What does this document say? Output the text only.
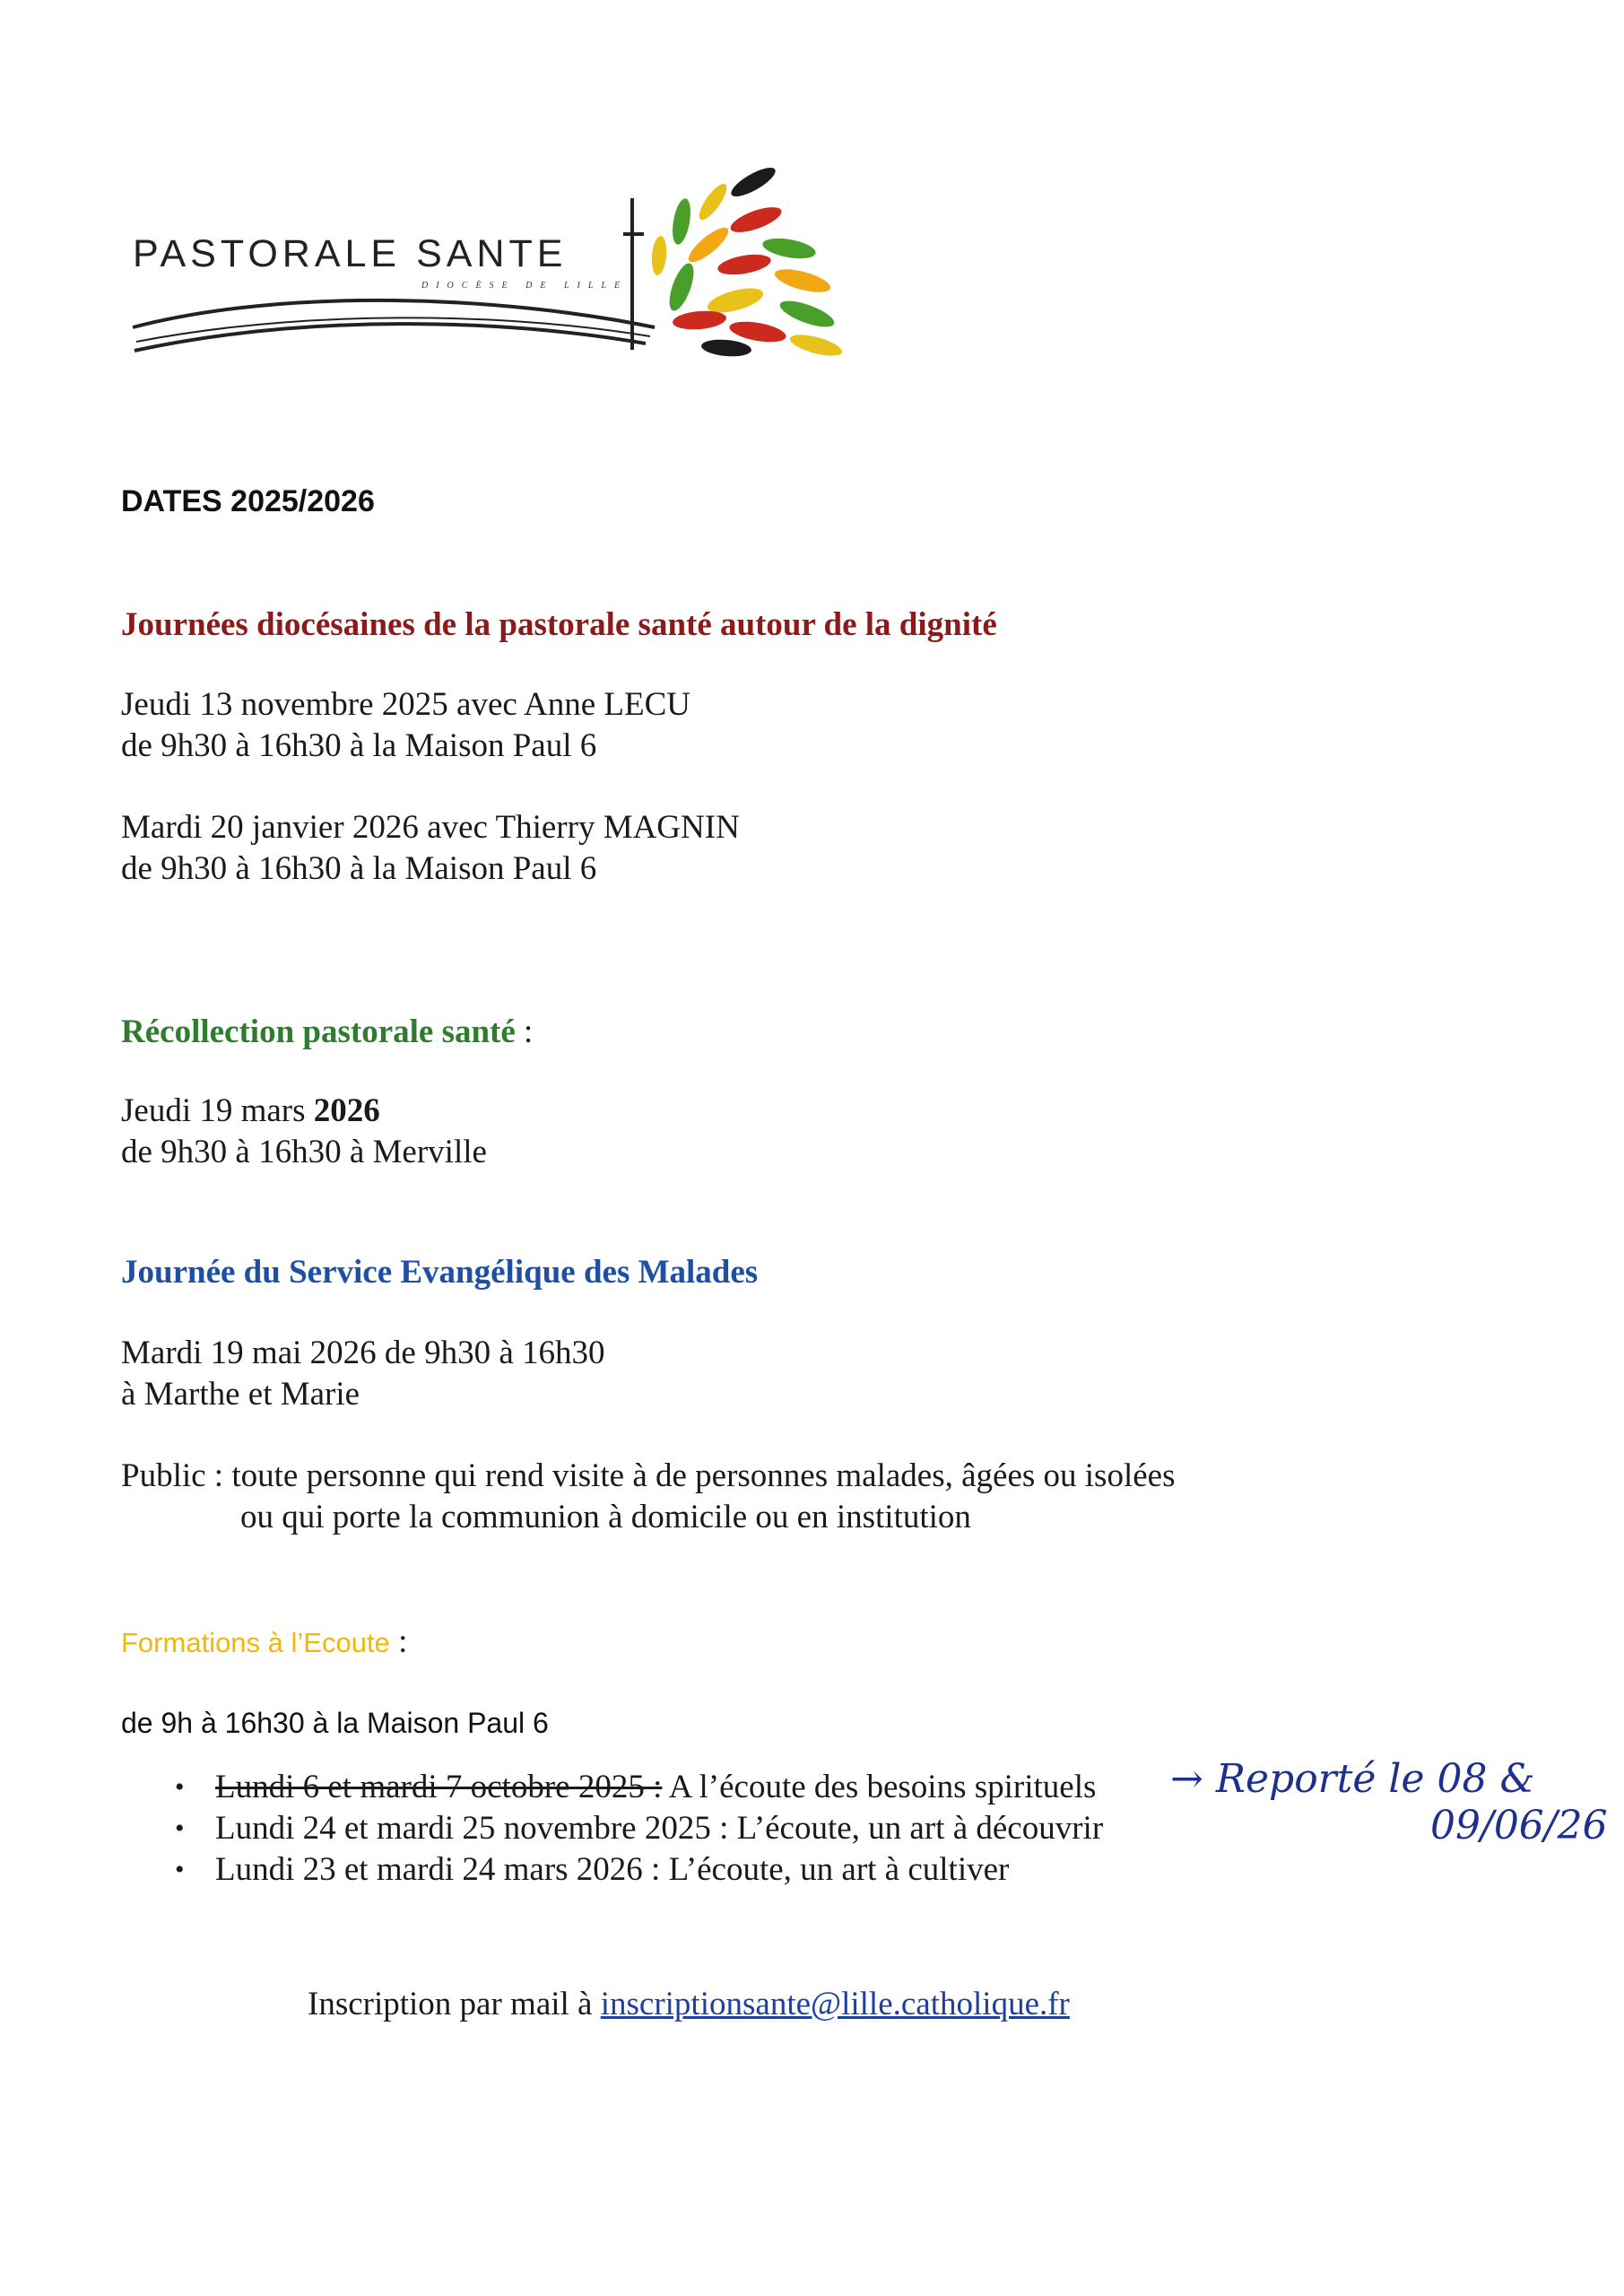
PASTORALE SANTE
DIOCÈSE DE LILLE
DATES 2025/2026
Journées diocésaines de la pastorale santé autour de la dignité
Jeudi 13 novembre 2025 avec Anne LECU
de 9h30 à 16h30 à la Maison Paul 6
Mardi 20 janvier 2026 avec Thierry MAGNIN
de 9h30 à 16h30 à la Maison Paul 6
Récollection pastorale santé :
Jeudi 19 mars 2026
de 9h30 à 16h30 à Merville
Journée du Service Evangélique des Malades
Mardi 19 mai 2026 de 9h30 à 16h30
à Marthe et Marie
Public : toute personne qui rend visite à de personnes malades, âgées ou isolées
ou qui porte la communion à domicile ou en institution
Formations à l’Ecoute :
de 9h à 16h30 à la Maison Paul 6
• Lundi 6 et mardi 7 octobre 2025 : A l’écoute des besoins spirituels
• Lundi 24 et mardi 25 novembre 2025 : L’écoute, un art à découvrir
• Lundi 23 et mardi 24 mars 2026 : L’écoute, un art à cultiver
→ Reporté le 08 &
09/06/26
Inscription par mail à inscriptionsante@lille.catholique.fr
